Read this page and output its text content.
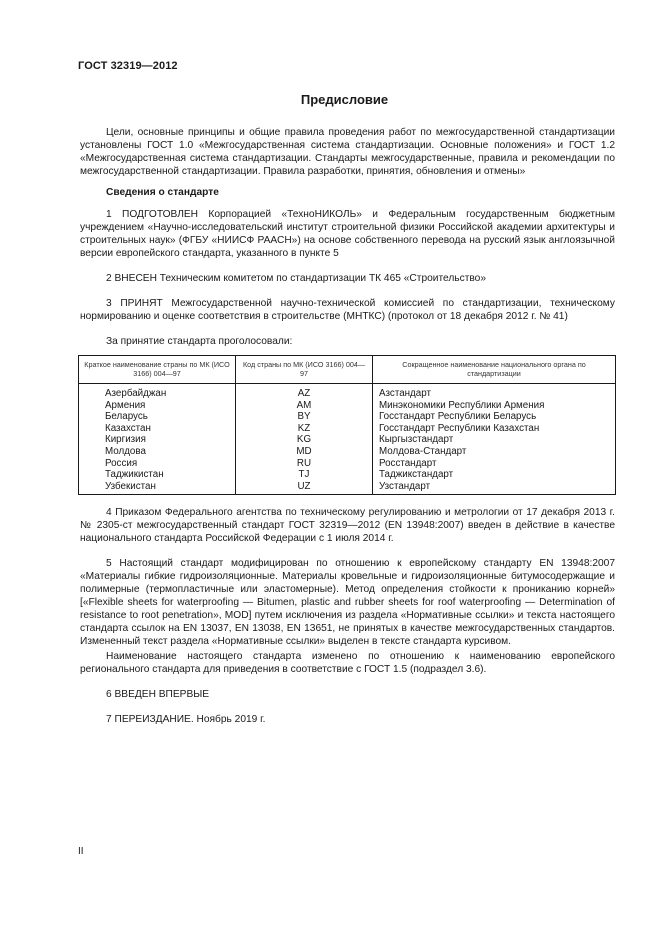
ГОСТ 32319—2012
Предисловие

Цели, основные принципы и общие правила проведения работ по межгосударственной стандартизации установлены ГОСТ 1.0 «Межгосударственная система стандартизации. Основные положения» и ГОСТ 1.2 «Межгосударственная система стандартизации. Стандарты межгосударственные, правила и рекомендации по межгосударственной стандартизации. Правила разработки, принятия, обновления и отмены»

Сведения о стандарте

1 ПОДГОТОВЛЕН Корпорацией «ТехноНИКОЛЬ» и Федеральным государственным бюджетным учреждением «Научно-исследовательский институт строительной физики Российской академии архитектуры и строительных наук» (ФГБУ «НИИСФ РААСН») на основе собственного перевода на русский язык англоязычной версии европейского стандарта, указанного в пункте 5

2 ВНЕСЕН Техническим комитетом по стандартизации ТК 465 «Строительство»

3 ПРИНЯТ Межгосударственной научно-технической комиссией по стандартизации, техническому нормированию и оценке соответствия в строительстве (МНТКС) (протокол от 18 декабря 2012 г. № 41)

За принятие стандарта проголосовали:

Краткое наименование страны по МК (ИСО 3166) 004—97	Код страны по МК (ИСО 3166) 004—97	Сокращенное наименование национального органа по стандартизации
Азербайджан	AZ	Азстандарт
Армения	AM	Минэкономики Республики Армения
Беларусь	BY	Госстандарт Республики Беларусь
Казахстан	KZ	Госстандарт Республики Казахстан
Киргизия	KG	Кыргызстандарт
Молдова	MD	Молдова-Стандарт
Россия	RU	Росстандарт
Таджикистан	TJ	Таджикстандарт
Узбекистан	UZ	Узстандарт

4 Приказом Федерального агентства по техническому регулированию и метрологии от 17 декабря 2013 г. № 2305-ст межгосударственный стандарт ГОСТ 32319—2012 (EN 13948:2007) введен в действие в качестве национального стандарта Российской Федерации с 1 июля 2014 г.

5 Настоящий стандарт модифицирован по отношению к европейскому стандарту EN 13948:2007 «Материалы гибкие гидроизоляционные. Материалы кровельные и гидроизоляционные битумосодержащие и полимерные (термопластичные или эластомерные). Метод определения стойкости к прониканию корней» [«Flexible sheets for waterproofing — Bitumen, plastic and rubber sheets for roof waterproofing — Determination of resistance to root penetration», MOD] путем исключения из раздела «Нормативные ссылки» и текста настоящего стандарта ссылок на EN 13037, EN 13038, EN 13651, не принятых в качестве межгосударственных стандартов. Измененный текст раздела «Нормативные ссылки» выделен в тексте стандарта курсивом.

Наименование настоящего стандарта изменено по отношению к наименованию европейского регионального стандарта для приведения в соответствие с ГОСТ 1.5 (подраздел 3.6).

6 ВВЕДЕН ВПЕРВЫЕ

7 ПЕРЕИЗДАНИЕ. Ноябрь 2019 г.

II
